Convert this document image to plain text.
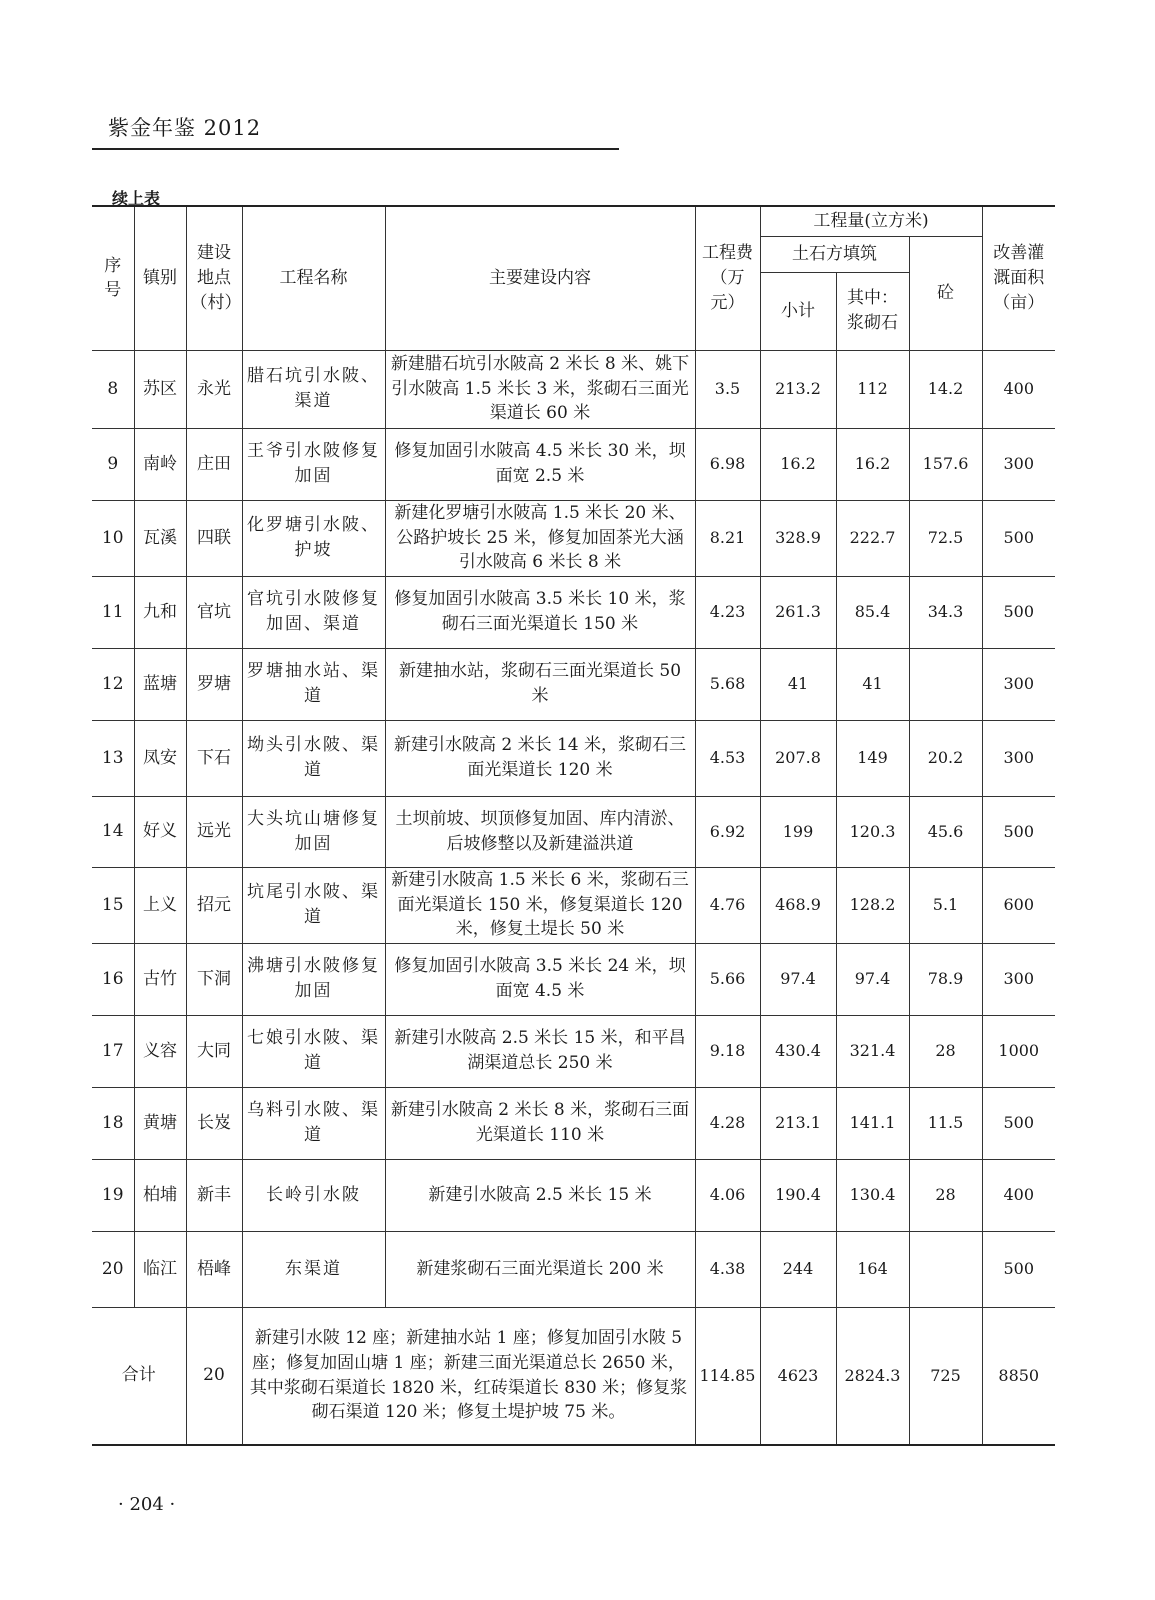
紫金年鉴 2012
续上表
序号	镇别	建设地点（村）	工程名称	主要建设内容	工程费（万元）	工程量(立方米)			改善灌溉面积（亩）
						土石方填筑		砼	
						小计	其中：浆砌石		
8	苏区	永光	腊石坑引水陂、渠道	新建腊石坑引水陂高 2 米长 8 米、姚下引水陂高 1.5 米长 3 米，浆砌石三面光渠道长 60 米	3.5	213.2	112	14.2	400
9	南岭	庄田	王爷引水陂修复加固	修复加固引水陂高 4.5 米长 30 米，坝面宽 2.5 米	6.98	16.2	16.2	157.6	300
10	瓦溪	四联	化罗塘引水陂、护坡	新建化罗塘引水陂高 1.5 米长 20 米、公路护坡长 25 米，修复加固茶光大涵引水陂高 6 米长 8 米	8.21	328.9	222.7	72.5	500
11	九和	官坑	官坑引水陂修复加固、渠道	修复加固引水陂高 3.5 米长 10 米，浆砌石三面光渠道长 150 米	4.23	261.3	85.4	34.3	500
12	蓝塘	罗塘	罗塘抽水站、渠道	新建抽水站，浆砌石三面光渠道长 50 米	5.68	41	41		300
13	凤安	下石	坳头引水陂、渠道	新建引水陂高 2 米长 14 米，浆砌石三面光渠道长 120 米	4.53	207.8	149	20.2	300
14	好义	远光	大头坑山塘修复加固	土坝前坡、坝顶修复加固、库内清淤、后坡修整以及新建溢洪道	6.92	199	120.3	45.6	500
15	上义	招元	坑尾引水陂、渠道	新建引水陂高 1.5 米长 6 米，浆砌石三面光渠道长 150 米，修复渠道长 120 米，修复土堤长 50 米	4.76	468.9	128.2	5.1	600
16	古竹	下洞	沸塘引水陂修复加固	修复加固引水陂高 3.5 米长 24 米，坝面宽 4.5 米	5.66	97.4	97.4	78.9	300
17	义容	大同	七娘引水陂、渠道	新建引水陂高 2.5 米长 15 米，和平昌湖渠道总长 250 米	9.18	430.4	321.4	28	1000
18	黄塘	长岌	乌料引水陂、渠道	新建引水陂高 2 米长 8 米，浆砌石三面光渠道长 110 米	4.28	213.1	141.1	11.5	500
19	柏埔	新丰	长岭引水陂	新建引水陂高 2.5 米长 15 米	4.06	190.4	130.4	28	400
20	临江	梧峰	东渠道	新建浆砌石三面光渠道长 200 米	4.38	244	164		500
合计		20	新建引水陂 12 座；新建抽水站 1 座；修复加固引水陂 5 座；修复加固山塘 1 座；新建三面光渠道总长 2650 米，其中浆砌石渠道长 1820 米，红砖渠道长 830 米；修复浆砌石渠道 120 米；修复土堤护坡 75 米。		114.85	4623	2824.3	725	8850
· 204 ·
